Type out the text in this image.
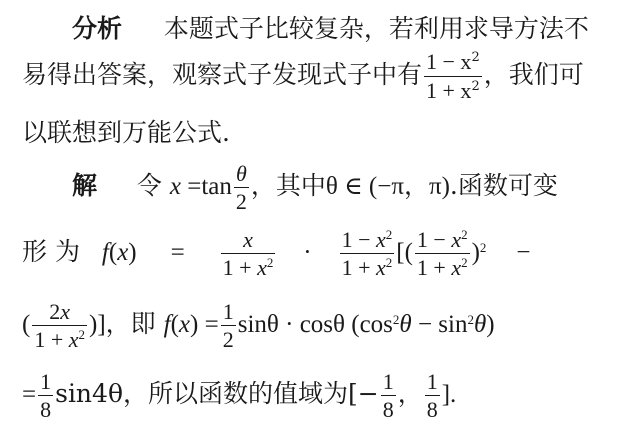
分析 本题式子比较复杂，若利用求导方法不
易得出答案，观察式子发现式子中有 $\frac{1 - x^2}{1 + x^2}$ ，我们可
以联想到万能公式.
解 令 $x =\tan \frac{\theta}{2}$ ，其中θ ∈ (−π，π).函数可变
形 为 $f(x) = \frac{x}{1 + x^2} \cdot \frac{1 - x^2}{1 + x^2}$ [( $\frac{1 - x^2}{1 + x^2} )^2$ −
( $\frac{2x}{1 + x^2}$ )]，即 $f(x) = \frac{1}{2}$ sinθ · cosθ $(\cos^2\theta - \sin^2\theta)$
= $\frac{1}{8} \sin 4\theta$，所以函数的值域为[− $\frac{1}{8}$ ， $\frac{1}{8}$ ].
